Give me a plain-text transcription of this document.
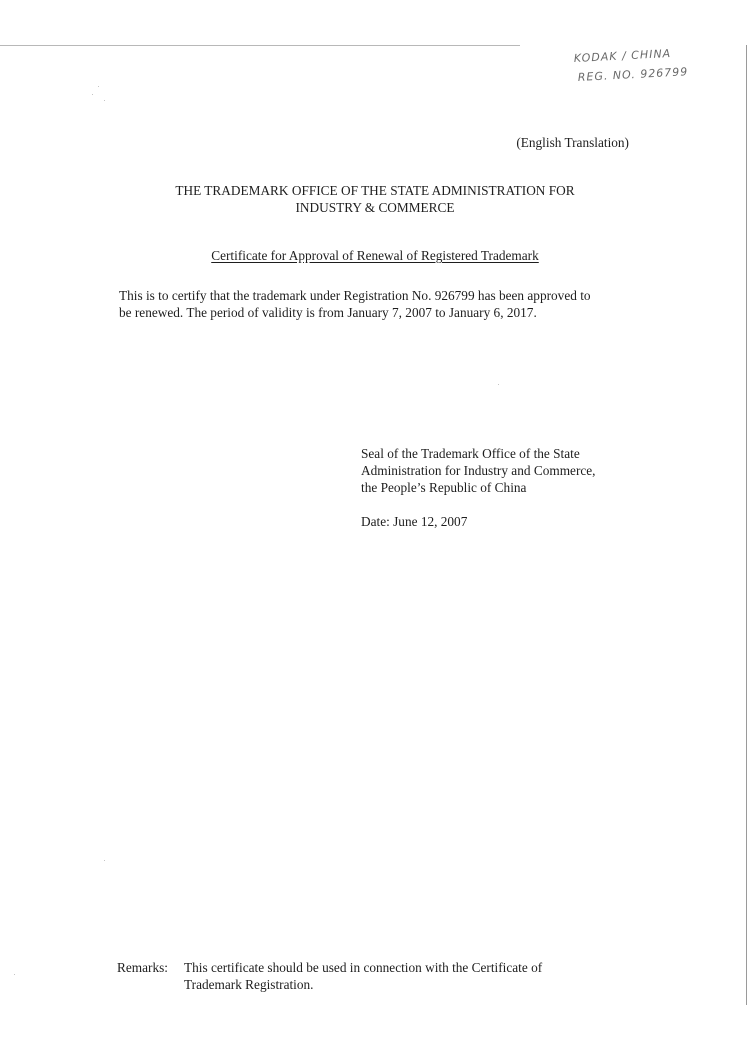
KODAK / CHINA
REG. NO. 926799
(English Translation)
THE TRADEMARK OFFICE OF THE STATE ADMINISTRATION FOR
INDUSTRY & COMMERCE
Certificate for Approval of Renewal of Registered Trademark
This is to certify that the trademark under Registration No. 926799 has been approved to
be renewed. The period of validity is from January 7, 2007 to January 6, 2017.
Seal of the Trademark Office of the State
Administration for Industry and Commerce,
the People’s Republic of China
Date: June 12, 2007
Remarks: This certificate should be used in connection with the Certificate of
Trademark Registration.
